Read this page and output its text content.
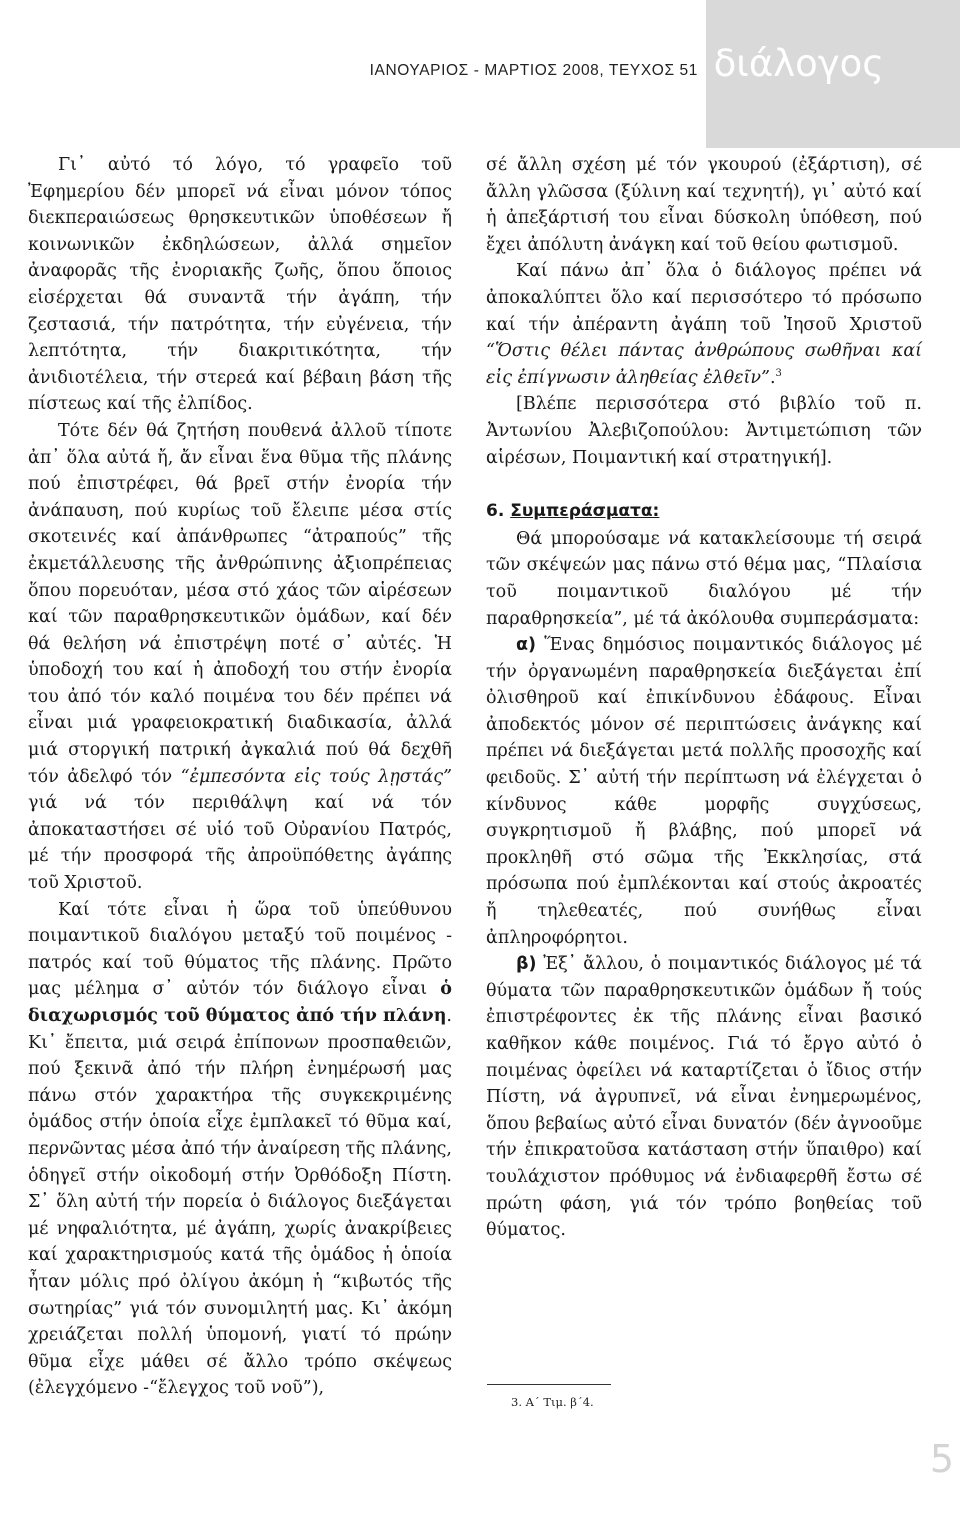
ΙΑΝΟΥΑΡΙΟΣ - ΜΑΡΤΙΟΣ 2008, ΤΕΥΧΟΣ 51 διάλογος

Γι᾽ αὐτό τό λόγο, τό γραφεῖο τοῦ Ἐφημερίου δέν μπορεῖ νά εἶναι μόνον τόπος διεκπεραιώσεως θρησκευτικῶν ὑποθέσεων ἤ κοινωνικῶν ἐκδηλώσεων, ἀλλά σημεῖον ἀναφορᾶς τῆς ἐνοριακῆς ζωῆς, ὅπου ὅποιος εἰσέρχεται θά συναντᾶ τήν ἀγάπη, τήν ζεστασιά, τήν πατρότητα, τήν εὐγένεια, τήν λεπτότητα, τήν διακριτικότητα, τήν ἀνιδιοτέλεια, τήν στερεά καί βέβαιη βάση τῆς πίστεως καί τῆς ἐλπίδος.

Τότε δέν θά ζητήση πουθενά ἀλλοῦ τίποτε ἀπ᾽ ὅλα αὐτά ἤ, ἄν εἶναι ἕνα θῦμα τῆς πλάνης πού ἐπιστρέφει, θά βρεῖ στήν ἐνορία τήν ἀνάπαυση, πού κυρίως τοῦ ἔλειπε μέσα στίς σκοτεινές καί ἀπάνθρωπες “ἀτραπούς” τῆς ἐκμετάλλευσης τῆς ἀνθρώπινης ἀξιοπρέπειας ὅπου πορευόταν, μέσα στό χάος τῶν αἱρέσεων καί τῶν παραθρησκευτικῶν ὁμάδων, καί δέν θά θελήση νά ἐπιστρέψη ποτέ σ᾽ αὐτές. Ἡ ὑποδοχή του καί ἡ ἀποδοχή του στήν ἐνορία του ἀπό τόν καλό ποιμένα του δέν πρέπει νά εἶναι μιά γραφειοκρατική διαδικασία, ἀλλά μιά στοργική πατρική ἀγκαλιά πού θά δεχθῆ τόν ἀδελφό τόν “ἐμπεσόντα εἰς τούς λῃστάς” γιά νά τόν περιθάλψη καί νά τόν ἀποκαταστήσει σέ υἱό τοῦ Οὐρανίου Πατρός, μέ τήν προσφορά τῆς ἀπροϋπόθετης ἀγάπης τοῦ Χριστοῦ.

Καί τότε εἶναι ἡ ὥρα τοῦ ὑπεύθυνου ποιμαντικοῦ διαλόγου μεταξύ τοῦ ποιμένος - πατρός καί τοῦ θύματος τῆς πλάνης. Πρῶτο μας μέλημα σ᾽ αὐτόν τόν διάλογο εἶναι ὁ διαχωρισμός τοῦ θύματος ἀπό τήν πλάνη. Κι᾽ ἔπειτα, μιά σειρά ἐπίπονων προσπαθειῶν, πού ξεκινᾶ ἀπό τήν πλήρη ἐνημέρωσή μας πάνω στόν χαρακτήρα τῆς συγκεκριμένης ὁμάδος στήν ὁποία εἶχε ἐμπλακεῖ τό θῦμα καί, περνῶντας μέσα ἀπό τήν ἀναίρεση τῆς πλάνης, ὁδηγεῖ στήν οἰκοδομή στήν Ὀρθόδοξη Πίστη. Σ᾽ ὅλη αὐτή τήν πορεία ὁ διάλογος διεξάγεται μέ νηφαλιότητα, μέ ἀγάπη, χωρίς ἀνακρίβειες καί χαρακτηρισμούς κατά τῆς ὁμάδος ἡ ὁποία ἦταν μόλις πρό ὀλίγου ἀκόμη ἡ “κιβωτός τῆς σωτηρίας” γιά τόν συνομιλητή μας. Κι᾽ ἀκόμη χρειάζεται πολλή ὑπομονή, γιατί τό πρώην θῦμα εἶχε μάθει σέ ἄλλο τρόπο σκέψεως (ἐλεγχόμενο -“ἔλεγχος τοῦ νοῦ”),

σέ ἄλλη σχέση μέ τόν γκουρού (ἐξάρτιση), σέ ἄλλη γλῶσσα (ξύλινη καί τεχνητή), γι᾽ αὐτό καί ἡ ἀπεξάρτισή του εἶναι δύσκολη ὑπόθεση, πού ἔχει ἀπόλυτη ἀνάγκη καί τοῦ θείου φωτισμοῦ.

Καί πάνω ἀπ᾽ ὅλα ὁ διάλογος πρέπει νά ἀποκαλύπτει ὅλο καί περισσότερο τό πρόσωπο καί τήν ἀπέραντη ἀγάπη τοῦ Ἰησοῦ Χριστοῦ “Ὅστις θέλει πάντας ἀνθρώπους σωθῆναι καί εἰς ἐπίγνωσιν ἀληθείας ἐλθεῖν”.$^3$

[Βλέπε περισσότερα στό βιβλίο τοῦ π. Ἀντωνίου Ἀλεβιζοπούλου: Ἀντιμετώπιση τῶν αἱρέσων, Ποιμαντική καί στρατηγική].

6. Συμπεράσματα:

Θά μπορούσαμε νά κατακλείσουμε τή σειρά τῶν σκέψεών μας πάνω στό θέμα μας, “Πλαίσια τοῦ ποιμαντικοῦ διαλόγου μέ τήν παραθρησκεία”, μέ τά ἀκόλουθα συμπεράσματα:

α) Ἕνας δημόσιος ποιμαντικός διάλογος μέ τήν ὀργανωμένη παραθρησκεία διεξάγεται ἐπί ὀλισθηροῦ καί ἐπικίνδυνου ἐδάφους. Εἶναι ἀποδεκτός μόνον σέ περιπτώσεις ἀνάγκης καί πρέπει νά διεξάγεται μετά πολλῆς προσοχῆς καί φειδοῦς. Σ᾽ αὐτή τήν περίπτωση νά ἐλέγχεται ὁ κίνδυνος κάθε μορφῆς συγχύσεως, συγκρητισμοῦ ἤ βλάβης, πού μπορεῖ νά προκληθῆ στό σῶμα τῆς Ἐκκλησίας, στά πρόσωπα πού ἐμπλέκονται καί στούς ἀκροατές ἤ τηλεθεατές, πού συνήθως εἶναι ἀπληροφόρητοι.

β) Ἐξ᾽ ἄλλου, ὁ ποιμαντικός διάλογος μέ τά θύματα τῶν παραθρησκευτικῶν ὁμάδων ἤ τούς ἐπιστρέφοντες ἐκ τῆς πλάνης εἶναι βασικό καθῆκον κάθε ποιμένος. Γιά τό ἔργο αὐτό ὁ ποιμένας ὀφείλει νά καταρτίζεται ὁ ἴδιος στήν Πίστη, νά ἀγρυπνεῖ, νά εἶναι ἐνημερωμένος, ὅπου βεβαίως αὐτό εἶναι δυνατόν (δέν ἀγνοοῦμε τήν ἐπικρατοῦσα κατάσταση στήν ὕπαιθρο) καί τουλάχιστον πρόθυμος νά ἐνδιαφερθῆ ἔστω σέ πρώτη φάση, γιά τόν τρόπο βοηθείας τοῦ θύματος.

3. Α΄ Τιμ. β΄4.
5
